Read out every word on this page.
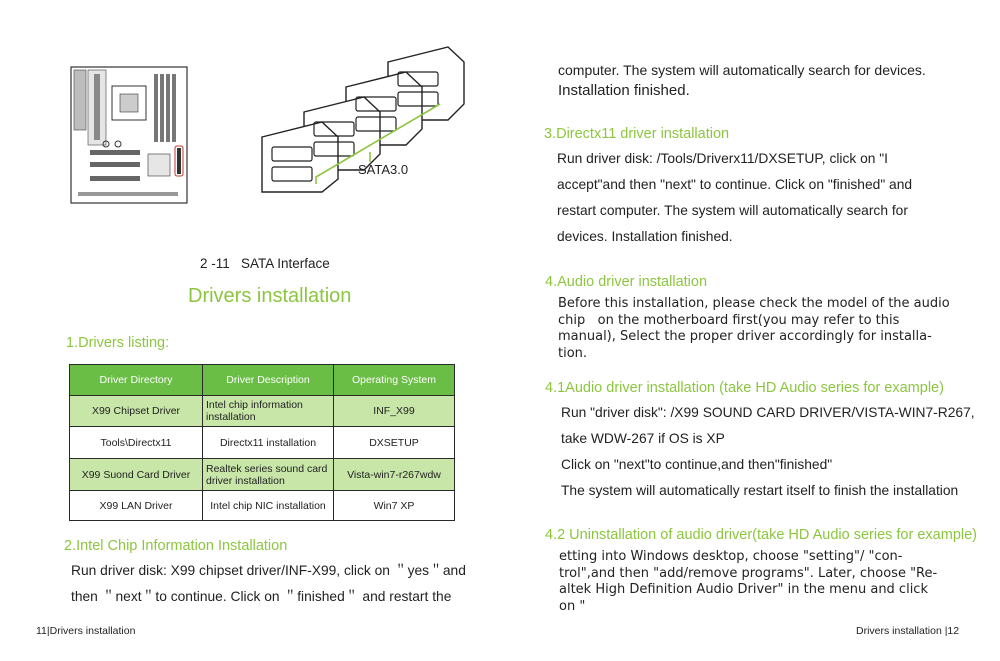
SATA3.0
2 -11   SATA Interface
Drivers installation
1.Drivers listing:
Driver Directory	Driver Description	Operating System
X99 Chipset Driver	Intel chip information installation	INF_X99
Tools\Directx11	Directx11 installation	DXSETUP
X99 Suond Card Driver	Realtek series sound card driver installation	Vista-win7-r267wdw
X99 LAN Driver	Intel chip NIC installation	Win7 XP
2.Intel Chip Information Installation
Run driver disk: X99 chipset driver/INF-X99, click on ＂yes＂and
then ＂next＂to continue. Click on ＂finished＂ and restart the
11|Drivers installation
computer. The system will automatically search for devices.
Installation finished.
3.Directx11 driver installation
Run driver disk: /Tools/Driverx11/DXSETUP, click on "I
accept"and then "next" to continue. Click on "finished" and
restart computer. The system will automatically search for
devices. Installation finished.
4.Audio driver installation
Before this installation, please check the model of the audio
chip   on the motherboard first(you may refer to this
manual), Select the proper driver accordingly for installa-
tion.
4.1Audio driver installation (take HD Audio series for example)
Run "driver disk": /X99 SOUND CARD DRIVER/VISTA-WIN7-R267,
take WDW-267 if OS is XP
Click on "next"to continue,and then"finished"
The system will automatically restart itself to finish the installation
4.2 Uninstallation of audio driver(take HD Audio series for example)
etting into Windows desktop, choose "setting"/ "con-
trol",and then "add/remove programs". Later, choose "Re-
altek High Definition Audio Driver" in the menu and click
on "
Drivers installation |12
